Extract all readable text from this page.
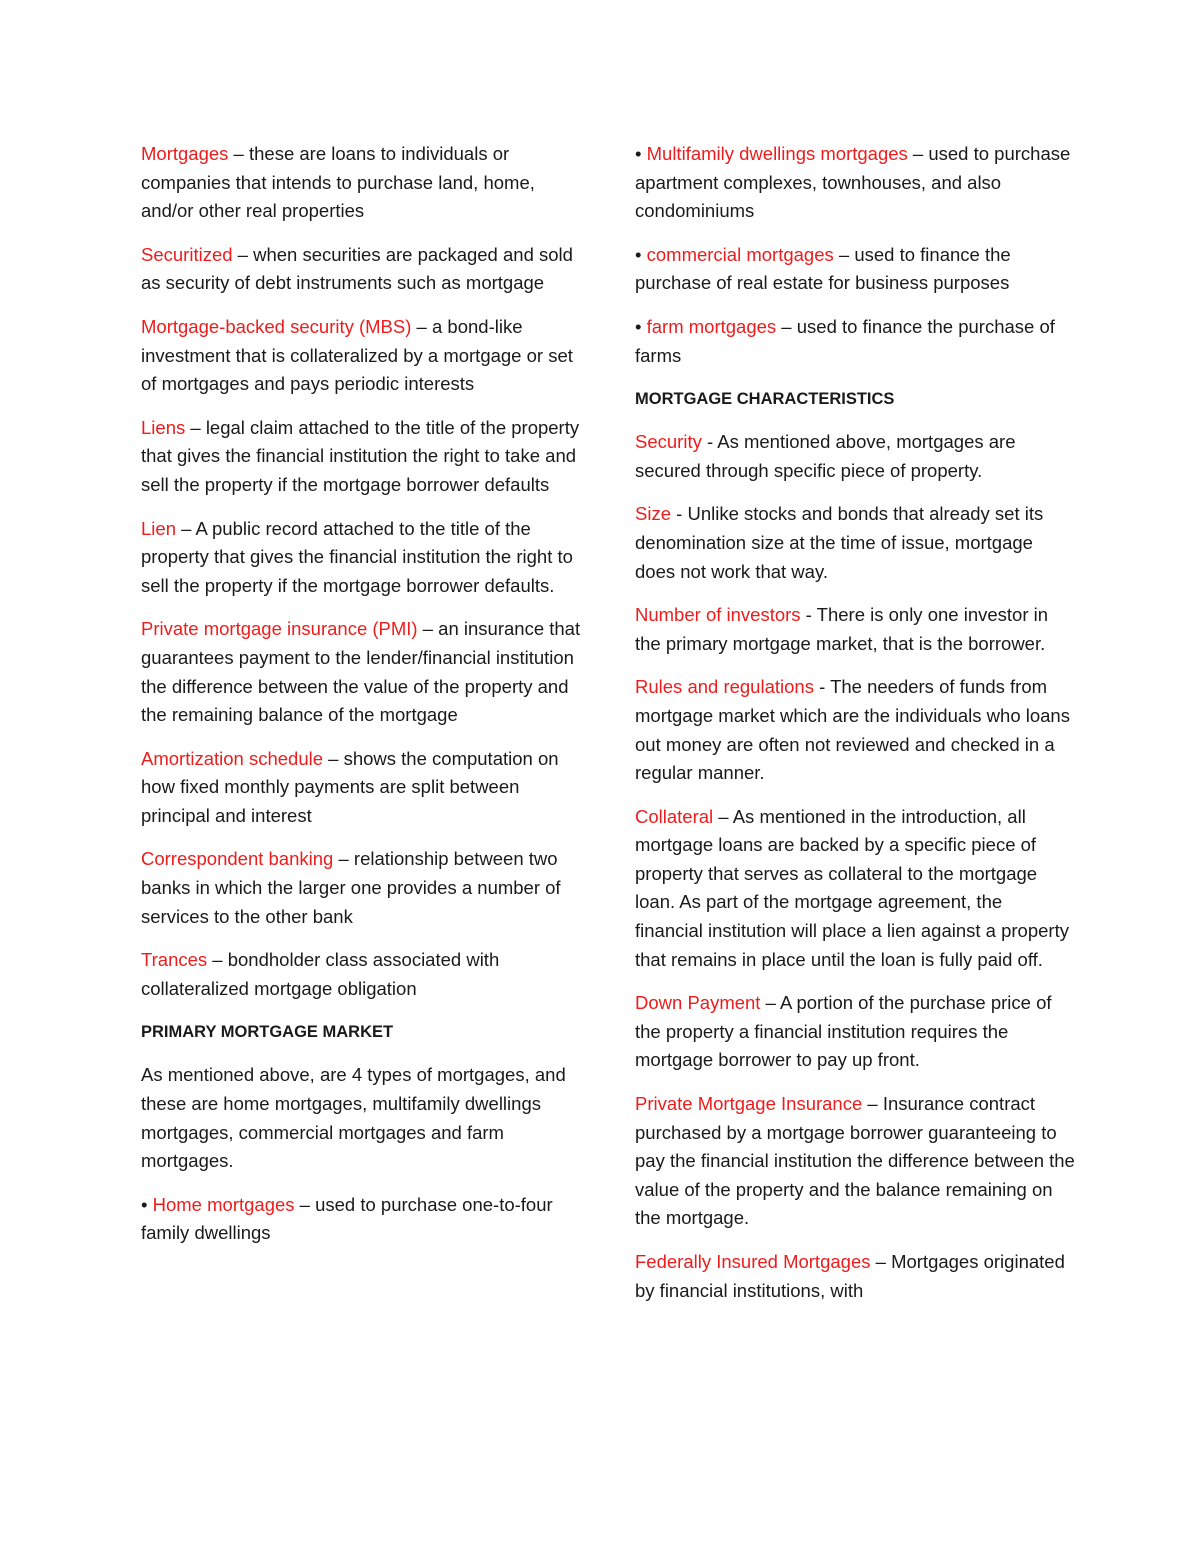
Mortgages – these are loans to individuals or companies that intends to purchase land, home, and/or other real properties

Securitized – when securities are packaged and sold as security of debt instruments such as mortgage

Mortgage-backed security (MBS) – a bond-like investment that is collateralized by a mortgage or set of mortgages and pays periodic interests

Liens – legal claim attached to the title of the property that gives the financial institution the right to take and sell the property if the mortgage borrower defaults

Lien – A public record attached to the title of the property that gives the financial institution the right to sell the property if the mortgage borrower defaults.

Private mortgage insurance (PMI) – an insurance that guarantees payment to the lender/financial institution the difference between the value of the property and the remaining balance of the mortgage

Amortization schedule – shows the computation on how fixed monthly payments are split between principal and interest

Correspondent banking – relationship between two banks in which the larger one provides a number of services to the other bank

Trances – bondholder class associated with collateralized mortgage obligation

PRIMARY MORTGAGE MARKET

As mentioned above, are 4 types of mortgages, and these are home mortgages, multifamily dwellings mortgages, commercial mortgages and farm mortgages.

• Home mortgages – used to purchase one-to-four family dwellings

• Multifamily dwellings mortgages – used to purchase apartment complexes, townhouses, and also condominiums

• commercial mortgages – used to finance the purchase of real estate for business purposes

• farm mortgages – used to finance the purchase of farms

MORTGAGE CHARACTERISTICS

Security - As mentioned above, mortgages are secured through specific piece of property.

Size - Unlike stocks and bonds that already set its denomination size at the time of issue, mortgage does not work that way.

Number of investors - There is only one investor in the primary mortgage market, that is the borrower.

Rules and regulations - The needers of funds from mortgage market which are the individuals who loans out money are often not reviewed and checked in a regular manner.

Collateral – As mentioned in the introduction, all mortgage loans are backed by a specific piece of property that serves as collateral to the mortgage loan. As part of the mortgage agreement, the financial institution will place a lien against a property that remains in place until the loan is fully paid off.

Down Payment – A portion of the purchase price of the property a financial institution requires the mortgage borrower to pay up front.

Private Mortgage Insurance – Insurance contract purchased by a mortgage borrower guaranteeing to pay the financial institution the difference between the value of the property and the balance remaining on the mortgage.

Federally Insured Mortgages – Mortgages originated by financial institutions, with
